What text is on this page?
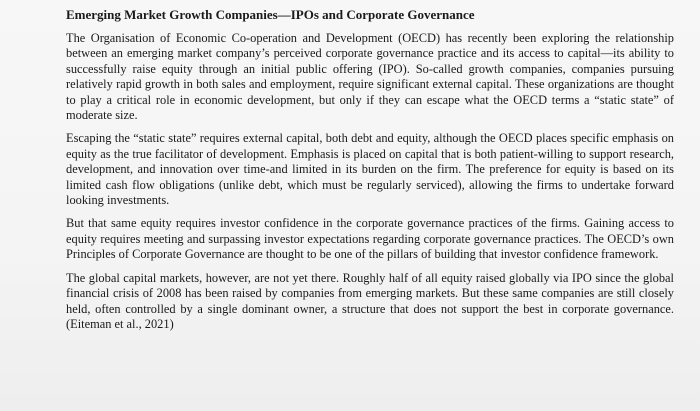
Emerging Market Growth Companies—IPOs and Corporate Governance

The Organisation of Economic Co-operation and Development (OECD) has recently been exploring the relationship between an emerging market company’s perceived corporate governance practice and its access to capital—its ability to successfully raise equity through an initial public offering (IPO). So-called growth companies, companies pursuing relatively rapid growth in both sales and employment, require significant external capital. These organizations are thought to play a critical role in economic development, but only if they can escape what the OECD terms a “static state” of moderate size.

Escaping the “static state” requires external capital, both debt and equity, although the OECD places specific emphasis on equity as the true facilitator of development. Emphasis is placed on capital that is both patient-willing to support research, development, and innovation over time-and limited in its burden on the firm. The preference for equity is based on its limited cash flow obligations (unlike debt, which must be regularly serviced), allowing the firms to undertake forward looking investments.

But that same equity requires investor confidence in the corporate governance practices of the firms. Gaining access to equity requires meeting and surpassing investor expectations regarding corporate governance practices. The OECD’s own Principles of Corporate Governance are thought to be one of the pillars of building that investor confidence framework.

The global capital markets, however, are not yet there. Roughly half of all equity raised globally via IPO since the global financial crisis of 2008 has been raised by companies from emerging markets. But these same companies are still closely held, often controlled by a single dominant owner, a structure that does not support the best in corporate governance. (Eiteman et al., 2021)
